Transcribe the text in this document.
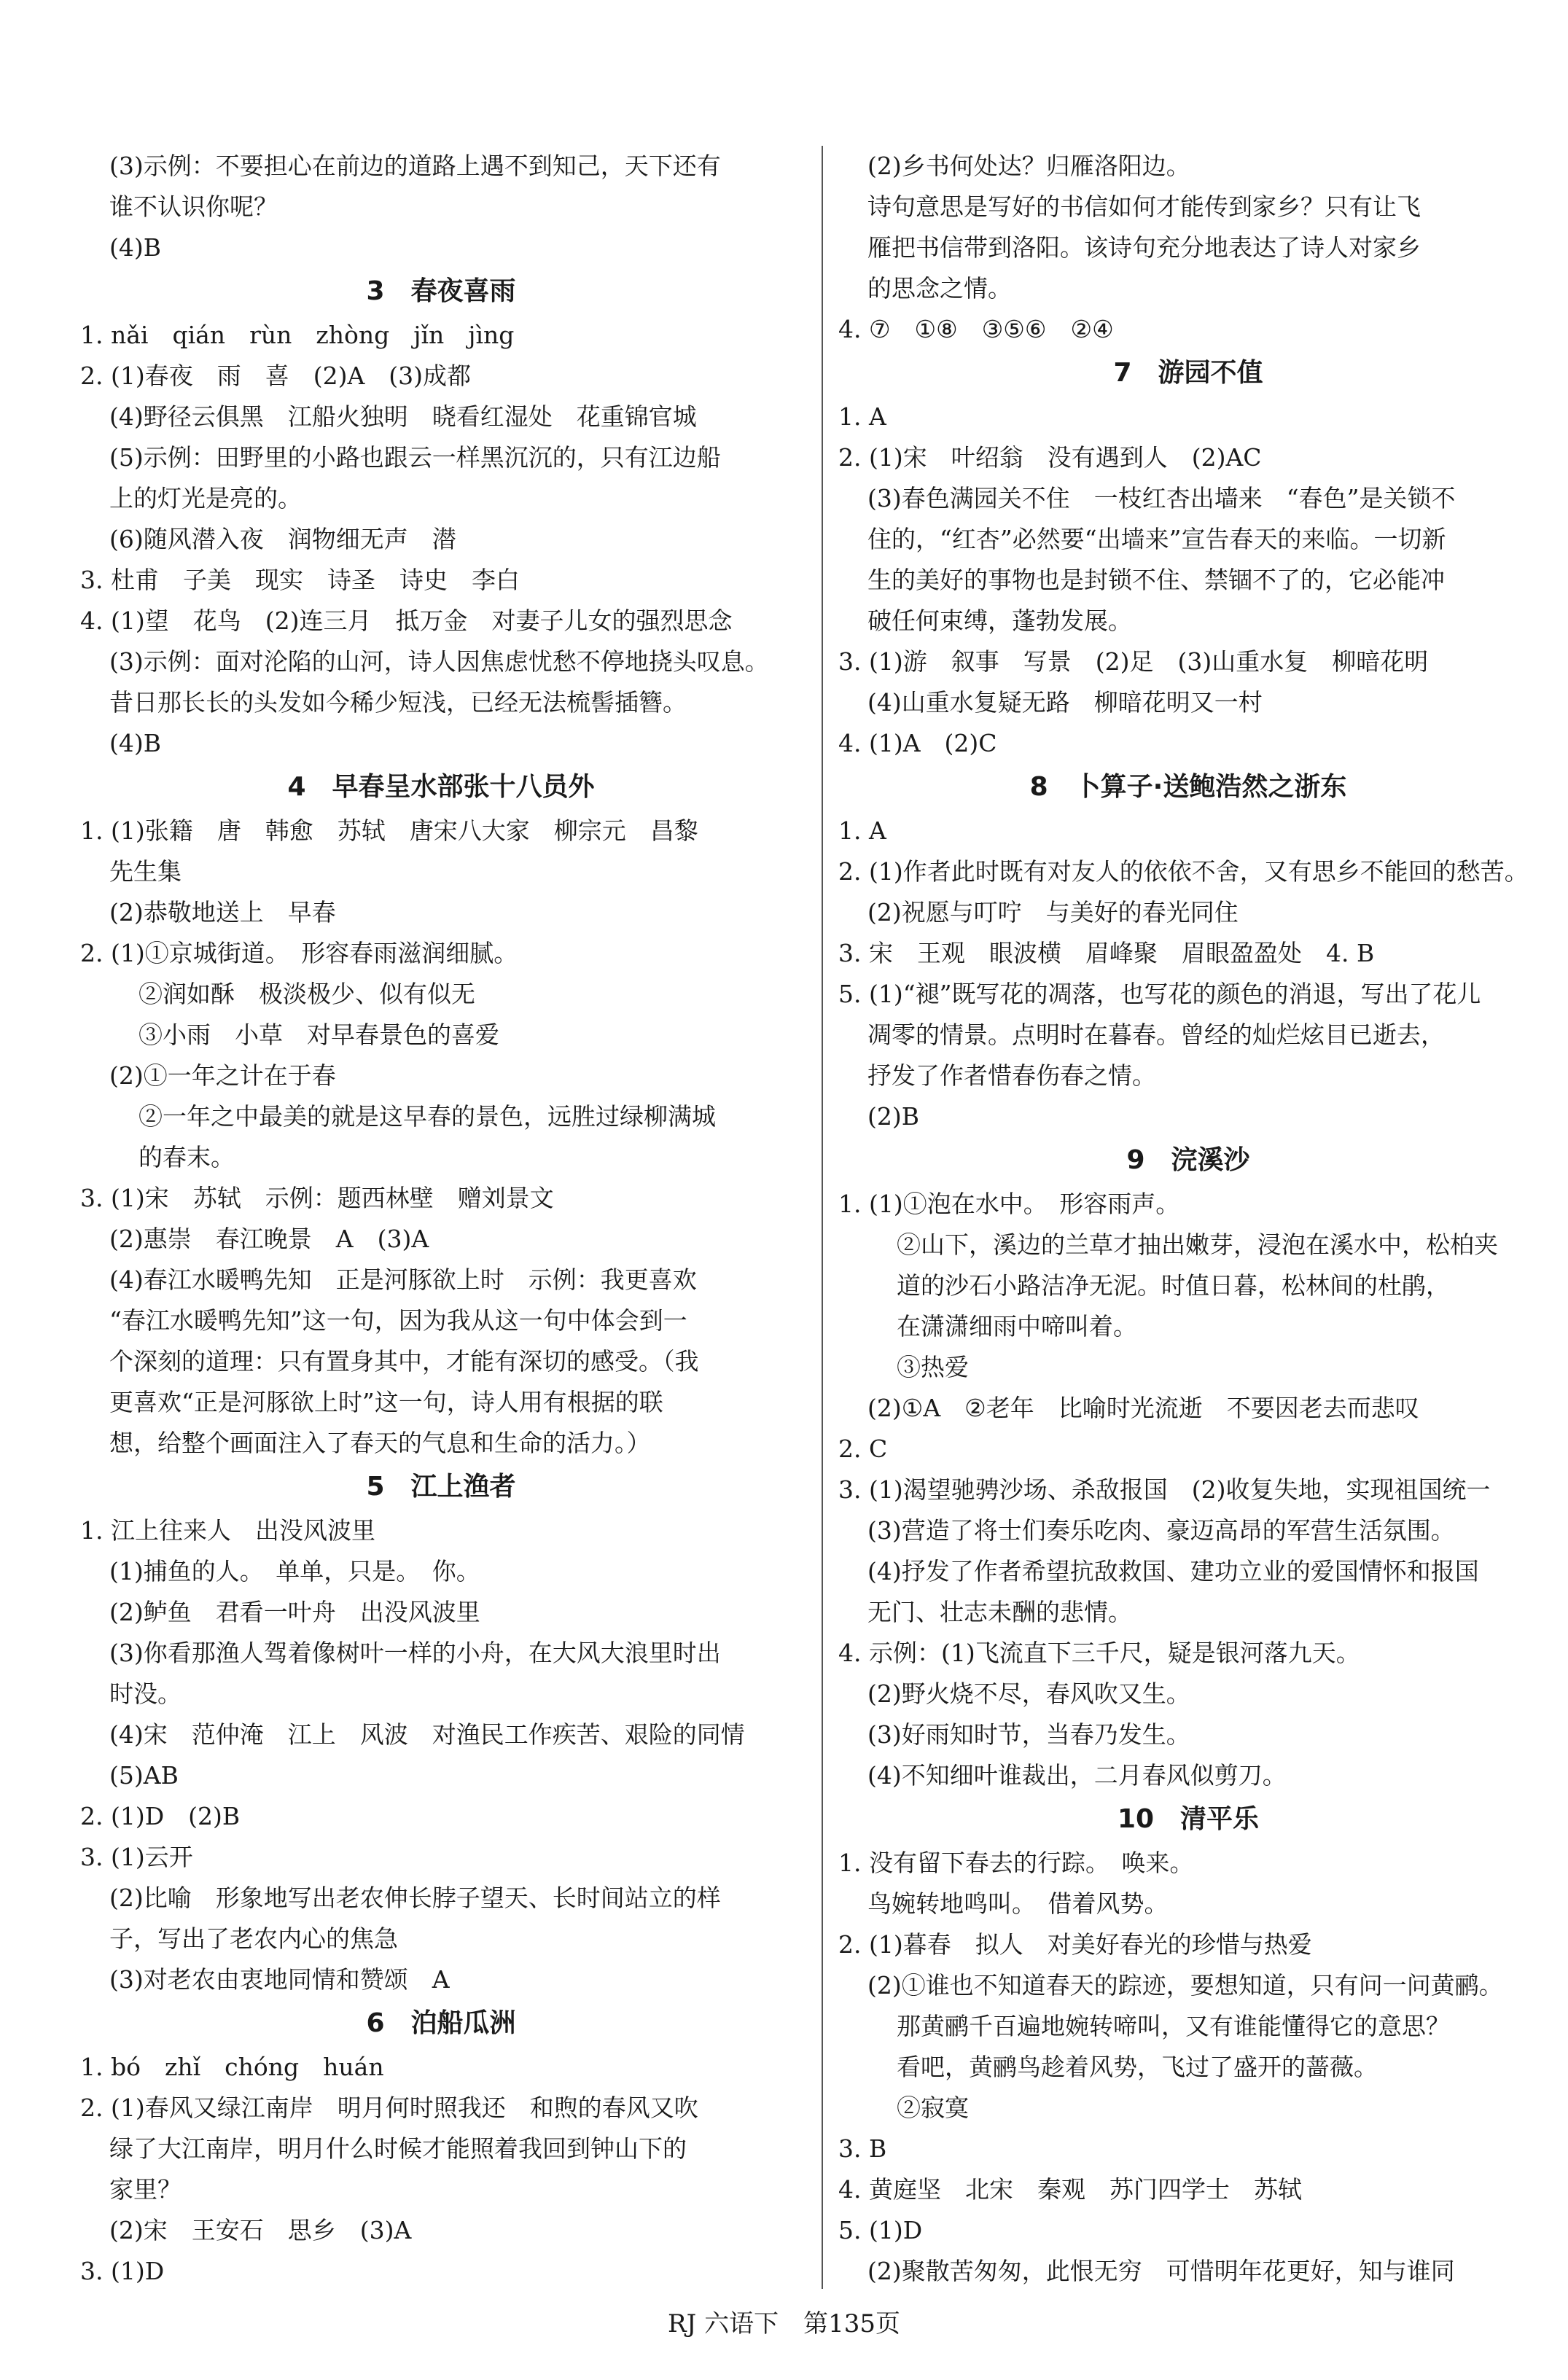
(3)示例：不要担心在前边的道路上遇不到知己，天下还有
谁不认识你呢？
(4)B
3　春夜喜雨
1. nǎi　qián　rùn　zhòng　jǐn　jìng
2. (1)春夜　雨　喜　(2)A　(3)成都
(4)野径云俱黑　江船火独明　晓看红湿处　花重锦官城
(5)示例：田野里的小路也跟云一样黑沉沉的，只有江边船
上的灯光是亮的。
(6)随风潜入夜　润物细无声　潜
3. 杜甫　子美　现实　诗圣　诗史　李白
4. (1)望　花鸟　(2)连三月　抵万金　对妻子儿女的强烈思念
(3)示例：面对沦陷的山河，诗人因焦虑忧愁不停地挠头叹息。
昔日那长长的头发如今稀少短浅，已经无法梳髻插簪。
(4)B
4　早春呈水部张十八员外
1. (1)张籍　唐　韩愈　苏轼　唐宋八大家　柳宗元　昌黎
先生集
(2)恭敬地送上　早春
2. (1)①京城街道。　形容春雨滋润细腻。
②润如酥　极淡极少、似有似无
③小雨　小草　对早春景色的喜爱
(2)①一年之计在于春
②一年之中最美的就是这早春的景色，远胜过绿柳满城
的春末。
3. (1)宋　苏轼　示例：题西林壁　赠刘景文
(2)惠崇　春江晚景　A　(3)A
(4)春江水暖鸭先知　正是河豚欲上时　示例：我更喜欢
“春江水暖鸭先知”这一句，因为我从这一句中体会到一
个深刻的道理：只有置身其中，才能有深切的感受。（我
更喜欢“正是河豚欲上时”这一句，诗人用有根据的联
想，给整个画面注入了春天的气息和生命的活力。）
5　江上渔者
1. 江上往来人　出没风波里
(1)捕鱼的人。　单单，只是。　你。
(2)鲈鱼　君看一叶舟　出没风波里
(3)你看那渔人驾着像树叶一样的小舟，在大风大浪里时出
时没。
(4)宋　范仲淹　江上　风波　对渔民工作疾苦、艰险的同情
(5)AB
2. (1)D　(2)B
3. (1)云开
(2)比喻　形象地写出老农伸长脖子望天、长时间站立的样
子，写出了老农内心的焦急
(3)对老农由衷地同情和赞颂　A
6　泊船瓜洲
1. bó　zhǐ　chóng　huán
2. (1)春风又绿江南岸　明月何时照我还　和煦的春风又吹
绿了大江南岸，明月什么时候才能照着我回到钟山下的
家里？
(2)宋　王安石　思乡　(3)A
3. (1)D
(2)乡书何处达？归雁洛阳边。
诗句意思是写好的书信如何才能传到家乡？只有让飞
雁把书信带到洛阳。该诗句充分地表达了诗人对家乡
的思念之情。
4. ⑦　①⑧　③⑤⑥　②④
7　游园不值
1. A
2. (1)宋　叶绍翁　没有遇到人　(2)AC
(3)春色满园关不住　一枝红杏出墙来　“春色”是关锁不
住的，“红杏”必然要“出墙来”宣告春天的来临。一切新
生的美好的事物也是封锁不住、禁锢不了的，它必能冲
破任何束缚，蓬勃发展。
3. (1)游　叙事　写景　(2)足　(3)山重水复　柳暗花明
(4)山重水复疑无路　柳暗花明又一村
4. (1)A　(2)C
8　卜算子·送鲍浩然之浙东
1. A
2. (1)作者此时既有对友人的依依不舍，又有思乡不能回的愁苦。
(2)祝愿与叮咛　与美好的春光同住
3. 宋　王观　眼波横　眉峰聚　眉眼盈盈处　4. B
5. (1)“褪”既写花的凋落，也写花的颜色的消退，写出了花儿
凋零的情景。点明时在暮春。曾经的灿烂炫目已逝去，
抒发了作者惜春伤春之情。
(2)B
9　浣溪沙
1. (1)①泡在水中。　形容雨声。
②山下，溪边的兰草才抽出嫩芽，浸泡在溪水中，松柏夹
道的沙石小路洁净无泥。时值日暮，松林间的杜鹃，
在潇潇细雨中啼叫着。
③热爱
(2)①A　②老年　比喻时光流逝　不要因老去而悲叹
2. C
3. (1)渴望驰骋沙场、杀敌报国　(2)收复失地，实现祖国统一
(3)营造了将士们奏乐吃肉、豪迈高昂的军营生活氛围。
(4)抒发了作者希望抗敌救国、建功立业的爱国情怀和报国
无门、壮志未酬的悲情。
4. 示例：(1)飞流直下三千尺，疑是银河落九天。
(2)野火烧不尽，春风吹又生。
(3)好雨知时节，当春乃发生。
(4)不知细叶谁裁出，二月春风似剪刀。
10　清平乐
1. 没有留下春去的行踪。　唤来。
鸟婉转地鸣叫。　借着风势。
2. (1)暮春　拟人　对美好春光的珍惜与热爱
(2)①谁也不知道春天的踪迹，要想知道，只有问一问黄鹂。
那黄鹂千百遍地婉转啼叫，又有谁能懂得它的意思？
看吧，黄鹂鸟趁着风势，飞过了盛开的蔷薇。
②寂寞
3. B
4. 黄庭坚　北宋　秦观　苏门四学士　苏轼
5. (1)D
(2)聚散苦匆匆，此恨无穷　可惜明年花更好，知与谁同
RJ 六语下　第135页
